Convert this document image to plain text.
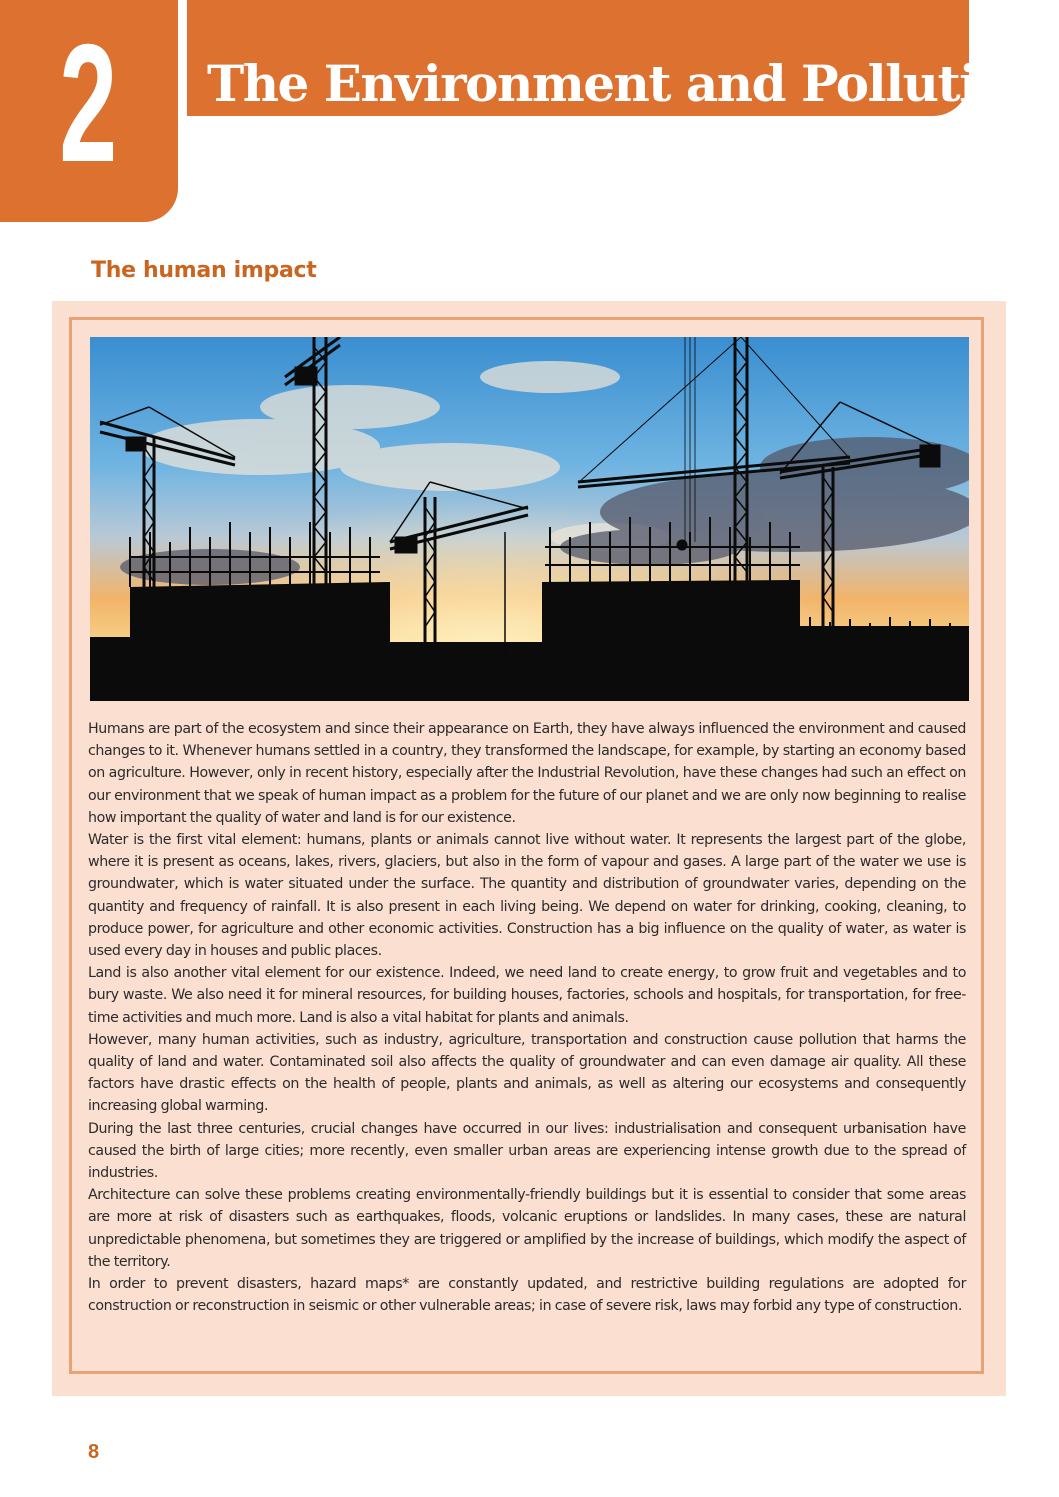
2	The Environment and Pollution
The human impact

Humans are part of the ecosystem and since their appearance on Earth, they have always influenced the environment and caused changes to it. Whenever humans settled in a country, they transformed the landscape, for example, by starting an economy based on agriculture. However, only in recent history, especially after the Industrial Revolution, have these changes had such an effect on our environment that we speak of human impact as a problem for the future of our planet and we are only now beginning to realise how important the quality of water and land is for our existence.

Water is the first vital element: humans, plants or animals cannot live without water. It represents the largest part of the globe, where it is present as oceans, lakes, rivers, glaciers, but also in the form of vapour and gases. A large part of the water we use is groundwater, which is water situated under the surface. The quantity and distribution of groundwater varies, depending on the quantity and frequency of rainfall. It is also present in each living being. We depend on water for drinking, cooking, cleaning, to produce power, for agriculture and other economic activities. Construction has a big influence on the quality of water, as water is used every day in houses and public places.

Land is also another vital element for our existence. Indeed, we need land to create energy, to grow fruit and vegetables and to bury waste. We also need it for mineral resources, for building houses, factories, schools and hospitals, for transportation, for free-time activities and much more. Land is also a vital habitat for plants and animals.

However, many human activities, such as industry, agriculture, transportation and construction cause pollution that harms the quality of land and water. Contaminated soil also affects the quality of groundwater and can even damage air quality. All these factors have drastic effects on the health of people, plants and animals, as well as altering our ecosystems and consequently increasing global warming.

During the last three centuries, crucial changes have occurred in our lives: industrialisation and consequent urbanisation have caused the birth of large cities; more recently, even smaller urban areas are experiencing intense growth due to the spread of industries.

Architecture can solve these problems creating environmentally-friendly buildings but it is essential to consider that some areas are more at risk of disasters such as earthquakes, floods, volcanic eruptions or landslides. In many cases, these are natural unpredictable phenomena, but sometimes they are triggered or amplified by the increase of buildings, which modify the aspect of the territory.

In order to prevent disasters, hazard maps* are constantly updated, and restrictive building regulations are adopted for construction or reconstruction in seismic or other vulnerable areas; in case of severe risk, laws may forbid any type of construction.

8
